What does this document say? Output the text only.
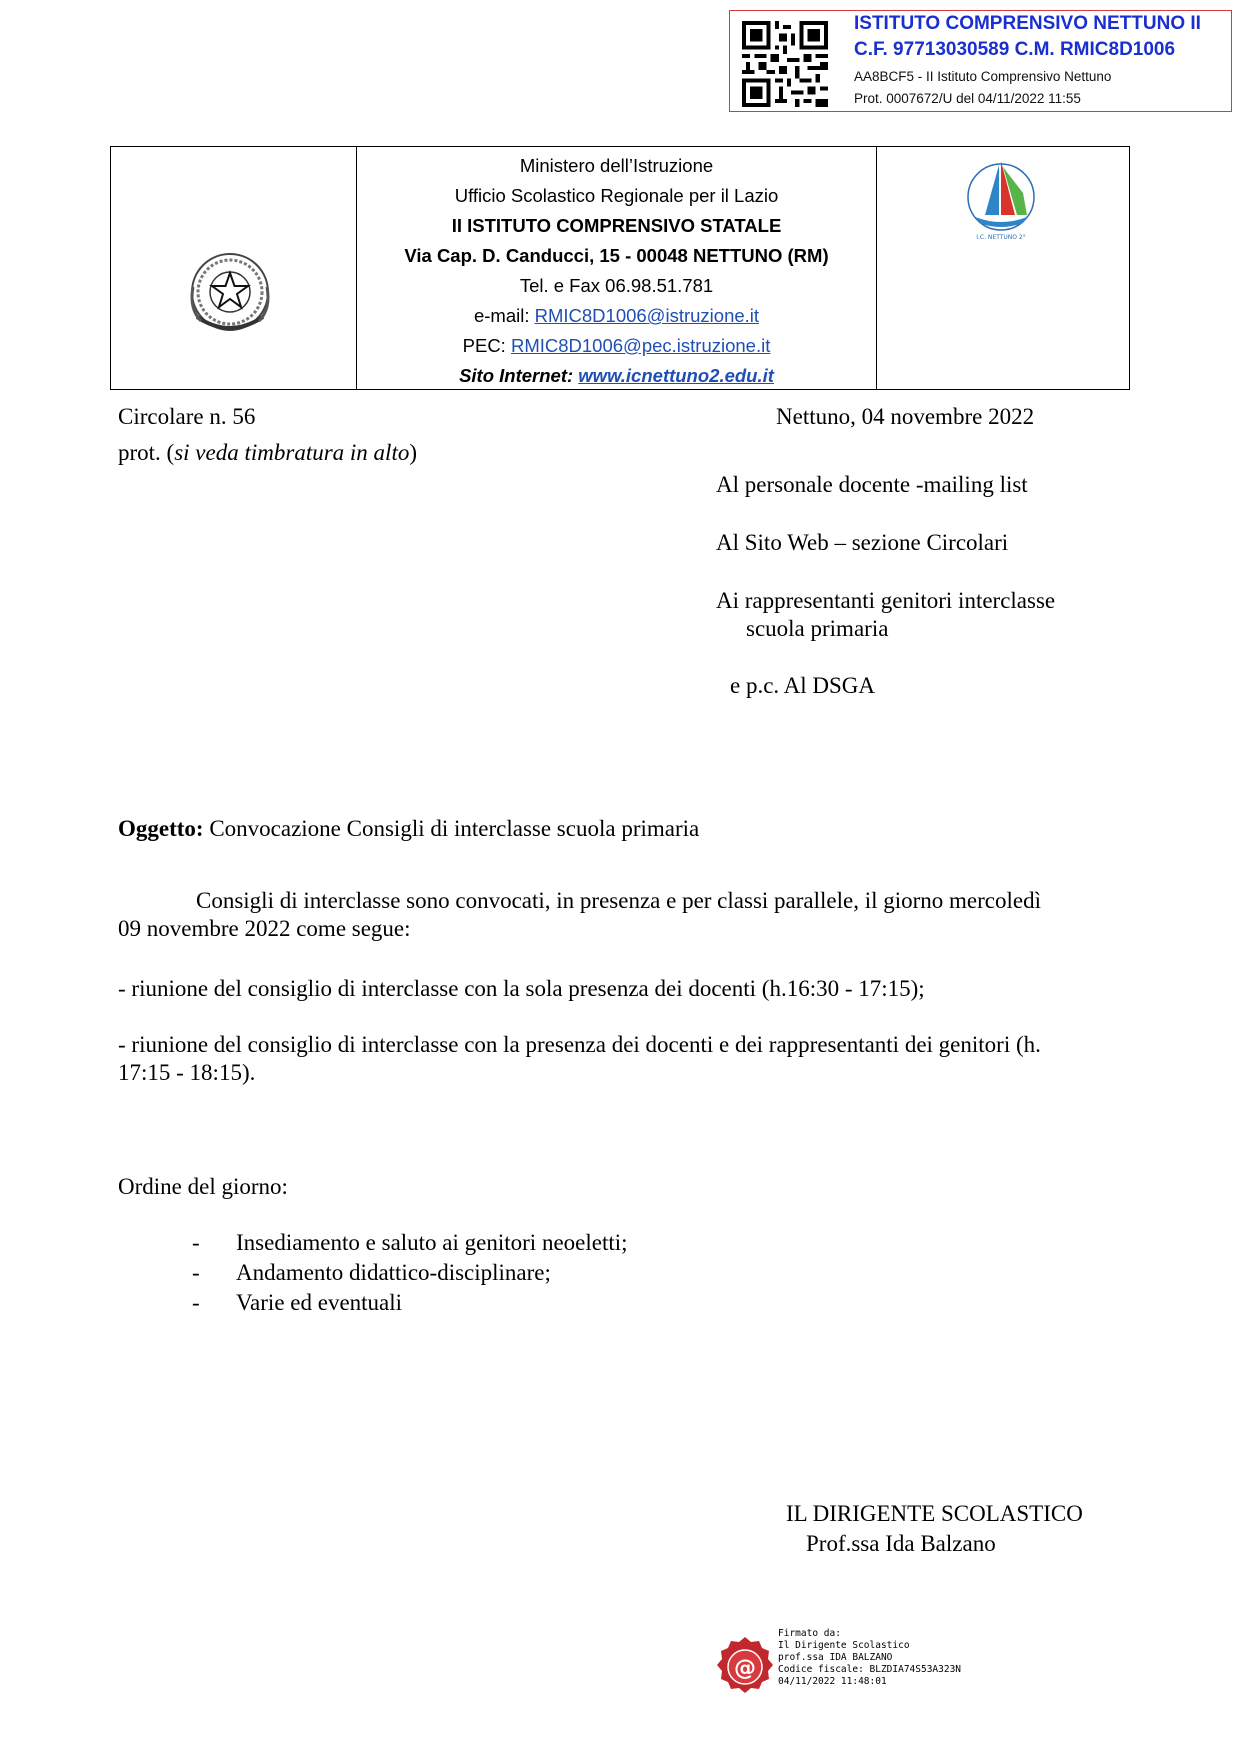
ISTITUTO COMPRENSIVO NETTUNO II
C.F. 97713030589 C.M. RMIC8D1006
AA8BCF5 - II Istituto Comprensivo Nettuno
Prot. 0007672/U del 04/11/2022 11:55
Ministero dell’Istruzione
Ufficio Scolastico Regionale per il Lazio
II ISTITUTO COMPRENSIVO STATALE
Via Cap. D. Canducci, 15 - 00048 NETTUNO (RM)
Tel. e Fax 06.98.51.781
e-mail: RMIC8D1006@istruzione.it
PEC: RMIC8D1006@pec.istruzione.it
Sito Internet: www.icnettuno2.edu.it
I.C. NETTUNO 2°
Circolare n. 56	Nettuno, 04 novembre 2022
prot. (si veda timbratura in alto)
Al personale docente -mailing list
Al Sito Web – sezione Circolari
Ai rappresentanti genitori interclasse
scuola primaria
e p.c. Al DSGA
Oggetto: Convocazione Consigli di interclasse scuola primaria
Consigli di interclasse sono convocati, in presenza e per classi parallele, il giorno mercoledì
09 novembre 2022 come segue:
- riunione del consiglio di interclasse con la sola presenza dei docenti (h.16:30 - 17:15);
- riunione del consiglio di interclasse con la presenza dei docenti e dei rappresentanti dei genitori (h.
17:15 - 18:15).
Ordine del giorno:
- Insediamento e saluto ai genitori neoeletti;
- Andamento didattico-disciplinare;
- Varie ed eventuali
IL DIRIGENTE SCOLASTICO
Prof.ssa Ida Balzano
@
Firmato da:
Il Dirigente Scolastico
prof.ssa IDA BALZANO
Codice fiscale: BLZDIA74S53A323N
04/11/2022 11:48:01
